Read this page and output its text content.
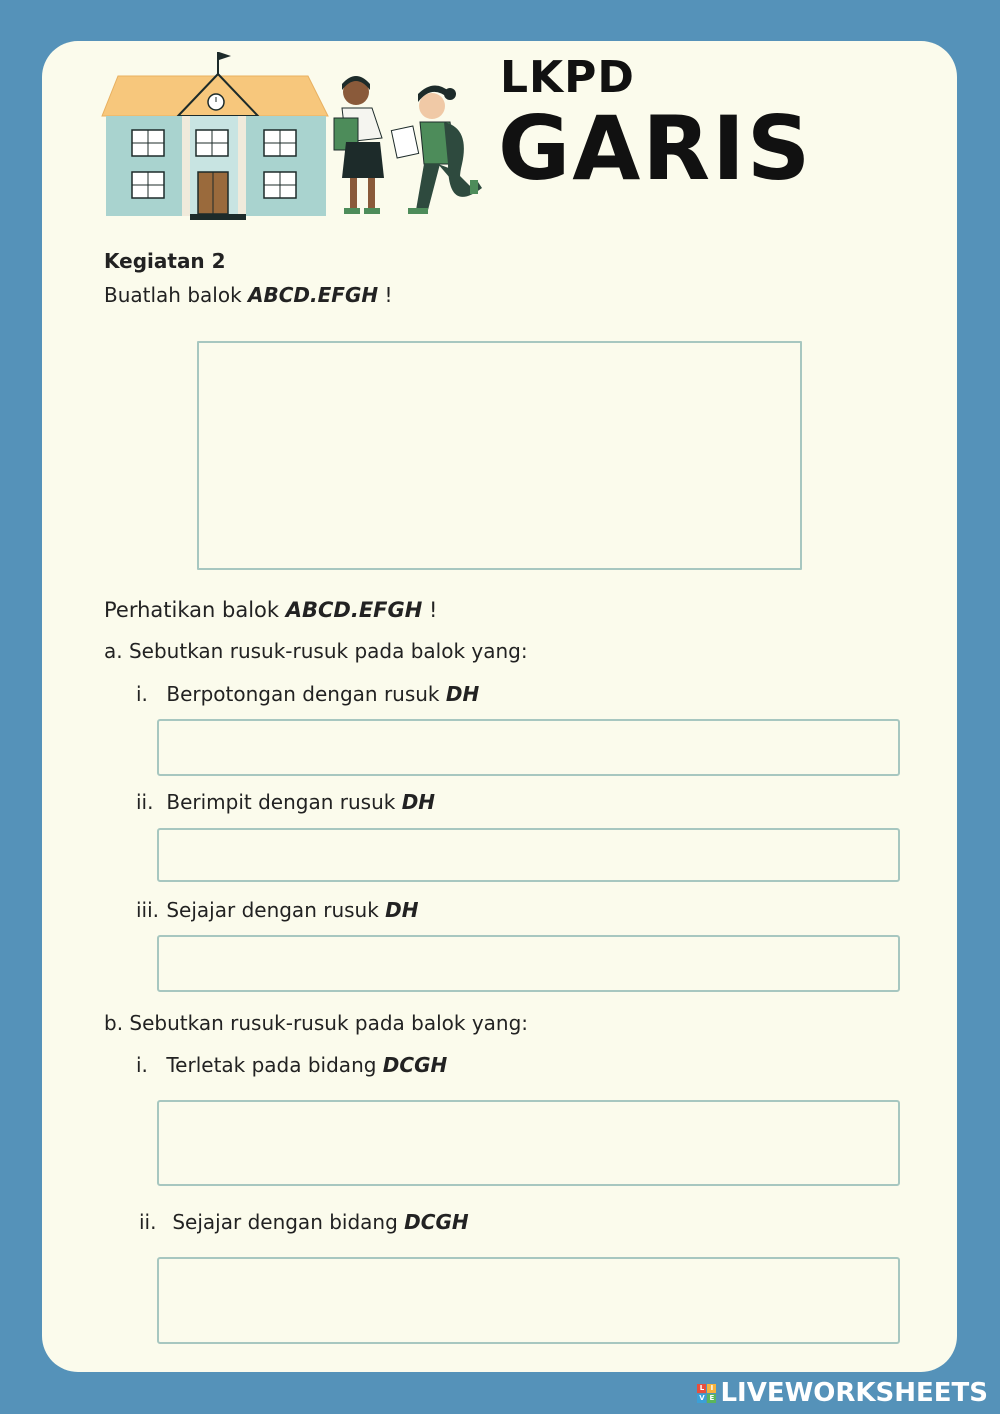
LKPD
GARIS
Kegiatan 2
Buatlah balok ABCD.EFGH !
Perhatikan balok ABCD.EFGH !
a. Sebutkan rusuk-rusuk pada balok yang:
i. Berpotongan dengan rusuk DH
ii. Berimpit dengan rusuk DH
iii. Sejajar dengan rusuk DH
b. Sebutkan rusuk-rusuk pada balok yang:
i. Terletak pada bidang DCGH
ii. Sejajar dengan bidang DCGH
L I
V E LIVEWORKSHEETS
